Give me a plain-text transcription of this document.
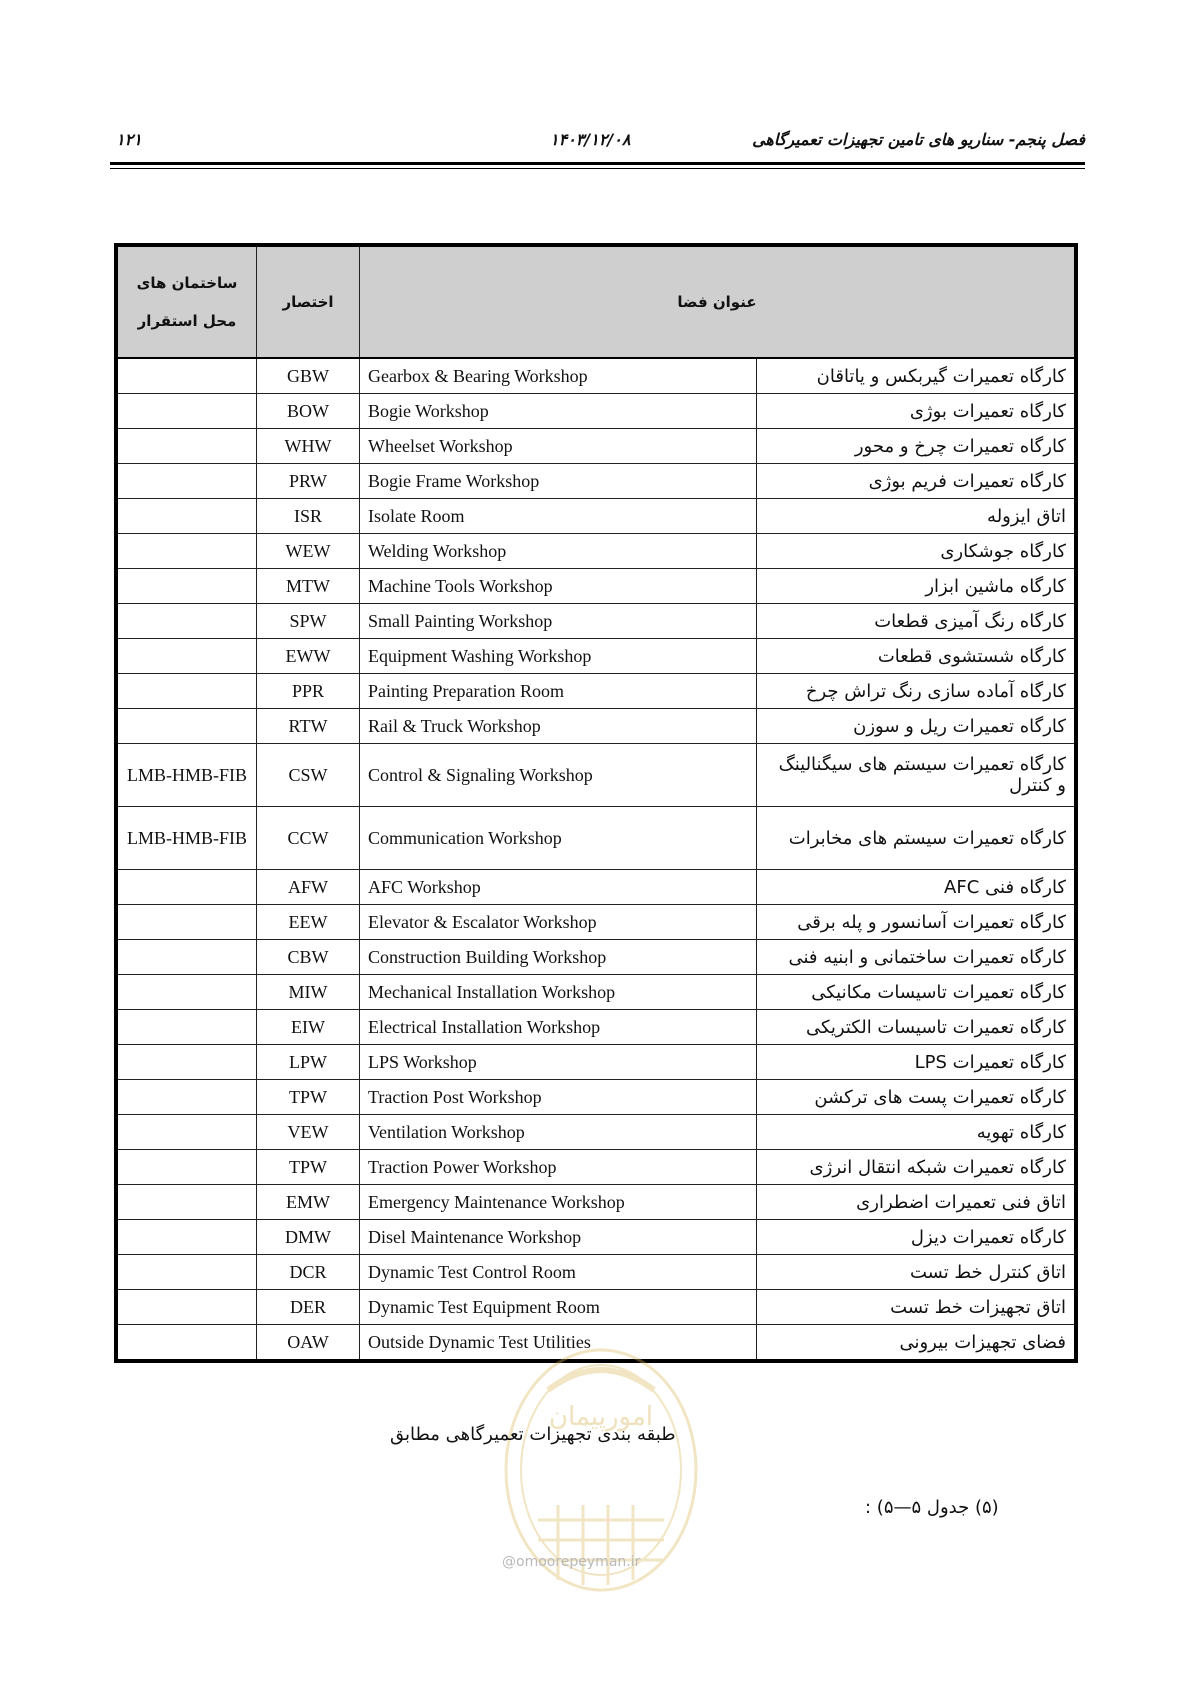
۱۲۱	۱۴۰۳/۱۲/۰۸	فصل پنجم- سناریو های تامین تجهیزات تعمیرگاهی
ساختمان های محل استقرار	اختصار	عنوان فضا	
	GBW	Gearbox & Bearing Workshop	کارگاه تعمیرات گیربکس و یاتاقان
	BOW	Bogie Workshop	کارگاه تعمیرات بوژی
	WHW	Wheelset Workshop	کارگاه تعمیرات چرخ و محور
	PRW	Bogie Frame Workshop	کارگاه تعمیرات فریم بوژی
	ISR	Isolate Room	اتاق ایزوله
	WEW	Welding Workshop	کارگاه جوشکاری
	MTW	Machine Tools Workshop	کارگاه ماشین ابزار
	SPW	Small Painting Workshop	کارگاه رنگ آمیزی قطعات
	EWW	Equipment Washing Workshop	کارگاه شستشوی قطعات
	PPR	Painting Preparation Room	کارگاه آماده سازی رنگ تراش چرخ
	RTW	Rail & Truck Workshop	کارگاه تعمیرات ریل و سوزن
LMB-HMB-FIB	CSW	Control & Signaling Workshop	کارگاه تعمیرات سیستم های سیگنالینگ و کنترل
LMB-HMB-FIB	CCW	Communication Workshop	کارگاه تعمیرات سیستم های مخابرات
	AFW	AFC Workshop	کارگاه فنی AFC
	EEW	Elevator & Escalator Workshop	کارگاه تعمیرات آسانسور و پله برقی
	CBW	Construction Building Workshop	کارگاه تعمیرات ساختمانی و ابنیه فنی
	MIW	Mechanical Installation Workshop	کارگاه تعمیرات تاسیسات مکانیکی
	EIW	Electrical Installation Workshop	کارگاه تعمیرات تاسیسات الکتریکی
	LPW	LPS Workshop	کارگاه تعمیرات LPS
	TPW	Traction Post Workshop	کارگاه تعمیرات پست های ترکشن
	VEW	Ventilation Workshop	کارگاه تهویه
	TPW	Traction Power Workshop	کارگاه تعمیرات شبکه انتقال انرژی
	EMW	Emergency Maintenance Workshop	اتاق فنی تعمیرات اضطراری
	DMW	Disel Maintenance Workshop	کارگاه تعمیرات دیزل
	DCR	Dynamic Test Control Room	اتاق کنترل خط تست
	DER	Dynamic Test Equipment Room	اتاق تجهیزات خط تست
	OAW	Outside Dynamic Test Utilities	فضای تجهیزات بیرونی
امورپیمان
@omoorepeyman.ir
طبقه بندی تجهیزات تعمیرگاهی مطابق
(۵) جدول ۵—۵) :
